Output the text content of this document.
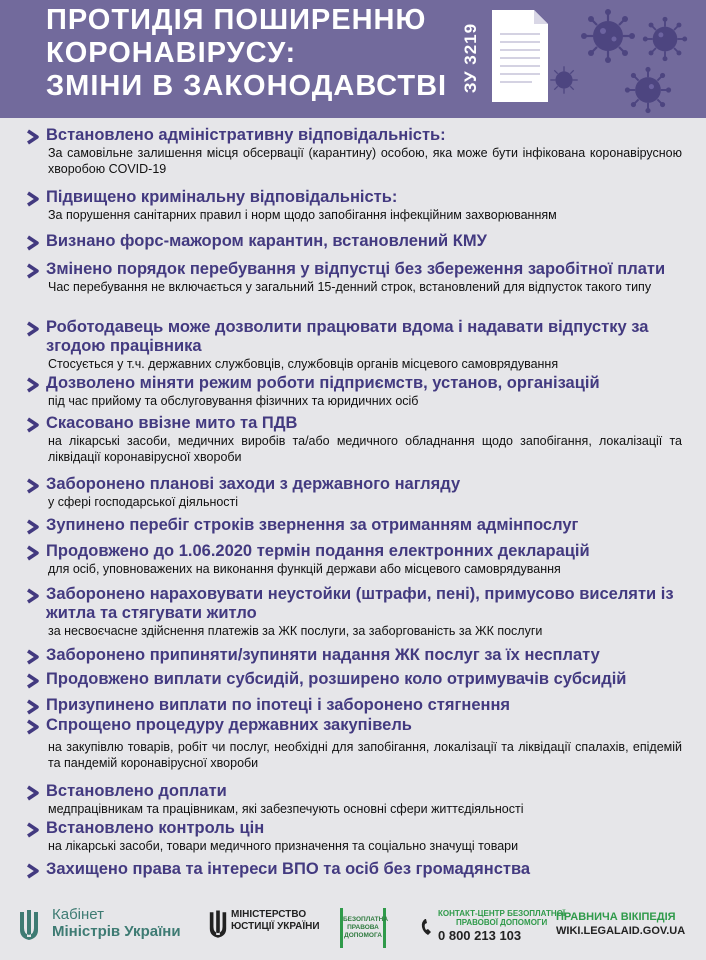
ПРОТИДІЯ ПОШИРЕННЮ
КОРОНАВІРУСУ:
ЗМІНИ В ЗАКОНОДАВСТВІ ЗУ 3219
Встановлено адміністративну відповідальність:
За самовільне залишення місця обсервації (карантину) особою, яка може бути інфікована коронавірусною хворобою COVID-19
Підвищено кримінальну відповідальність:
За порушення санітарних правил і норм щодо запобігання інфекційним захворюванням
Визнано форс-мажором карантин, встановлений КМУ
Змінено порядок перебування у відпустці без збереження заробітної плати
Час перебування не включається у загальний 15-денний строк, встановлений для відпусток такого типу
Роботодавець може дозволити працювати вдома і надавати відпустку за згодою працівника
Стосується у т.ч. державних службовців, службовців органів місцевого самоврядування
Дозволено міняти режим роботи підприємств, установ, організацій
під час прийому та обслуговування фізичних та юридичних осіб
Скасовано ввізне мито та ПДВ
на лікарські засоби, медичних виробів та/або медичного обладнання щодо запобігання, локалізації та ліквідації коронавірусної хвороби
Заборонено планові заходи з державного нагляду
у сфері господарської діяльності
Зупинено перебіг строків звернення за отриманням адмінпослуг
Продовжено до 1.06.2020 термін подання електронних декларацій
для осіб, уповноважених на виконання функцій держави або місцевого самоврядування
Заборонено нараховувати неустойки (штрафи, пені), примусово виселяти із житла та стягувати житло
за несвоєчасне здійснення платежів за ЖК послуги, за заборгованість за ЖК послуги
Заборонено припиняти/зупиняти надання ЖК послуг за їх несплату
Продовжено виплати субсидій, розширено коло отримувачів субсидій
Призупинено виплати по іпотеці і заборонено стягнення
Спрощено процедуру державних закупівель
на закупівлю товарів, робіт чи послуг, необхідні для запобігання, локалізації та ліквідації спалахів, епідемій та пандемій коронавірусної хвороби
Встановлено доплати
медпрацівникам та працівникам, які забезпечують основні сфери життєдіяльності
Встановлено контроль цін
на лікарські засоби, товари медичного призначення та соціально значущі товари
Захищено права та інтереси ВПО та осіб без громадянства
Кабінет
Міністрів України
МІНІСТЕРСТВО
ЮСТИЦІЇ УКРАЇНИ
БЕЗОПЛАТНА
ПРАВОВА
ДОПОМОГА
КОНТАКТ-ЦЕНТР БЕЗОПЛАТНОЇ
ПРАВОВОЇ ДОПОМОГИ
0 800 213 103
ПРАВНИЧА ВІКІПЕДІЯ
WIKI.LEGALAID.GOV.UA
